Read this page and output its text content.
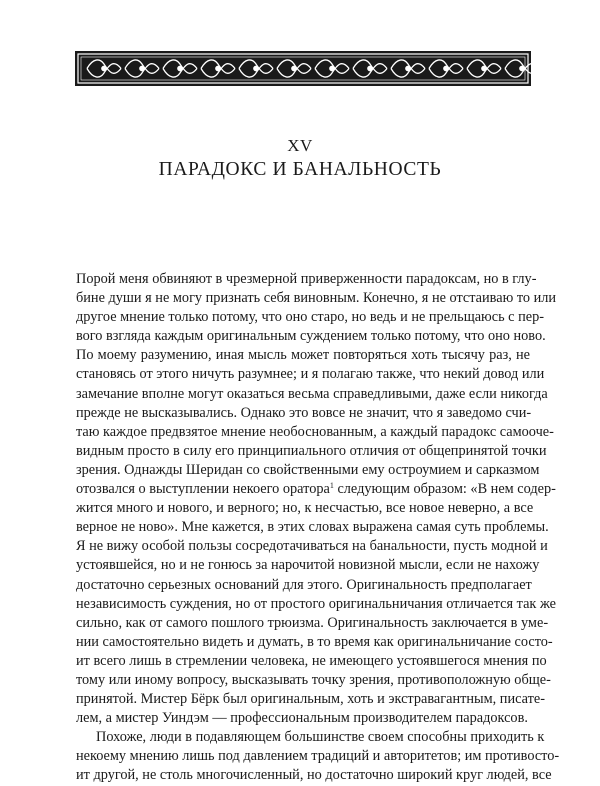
XV
ПАРАДОКС И БАНАЛЬНОСТЬ
Порой меня обвиняют в чрезмерной приверженности парадоксам, но в глу-
бине души я не могу признать себя виновным. Конечно, я не отстаиваю то или
другое мнение только потому, что оно старо, но ведь и не прельщаюсь с пер-
вого взгляда каждым оригинальным суждением только потому, что оно ново.
По моему разумению, иная мысль может повторяться хоть тысячу раз, не
становясь от этого ничуть разумнее; и я полагаю также, что некий довод или
замечание вполне могут оказаться весьма справедливыми, даже если никогда
прежде не высказывались. Однако это вовсе не значит, что я заведомо счи-
таю каждое предвзятое мнение необоснованным, а каждый парадокс самооче-
видным просто в силу его принципиального отличия от общепринятой точки
зрения. Однажды Шеридан со свойственными ему остроумием и сарказмом
отозвался о выступлении некоего оратора$^1$ следующим образом: «В нем содер-
жится много и нового, и верного; но, к несчастью, все новое неверно, а все
верное не ново». Мне кажется, в этих словах выражена самая суть проблемы.
Я не вижу особой пользы сосредотачиваться на банальности, пусть модной и
устоявшейся, но и не гонюсь за нарочитой новизной мысли, если не нахожу
достаточно серьезных оснований для этого. Оригинальность предполагает
независимость суждения, но от простого оригинальничания отличается так же
сильно, как от самого пошлого трюизма. Оригинальность заключается в уме-
нии самостоятельно видеть и думать, в то время как оригинальничание состо-
ит всего лишь в стремлении человека, не имеющего устоявшегося мнения по
тому или иному вопросу, высказывать точку зрения, противоположную обще-
принятой. Мистер Бёрк был оригинальным, хоть и экстравагантным, писате-
лем, а мистер Уиндэм — профессиональным производителем парадоксов.
Похоже, люди в подавляющем большинстве своем способны приходить к
некоему мнению лишь под давлением традиций и авторитетов; им противосто-
ит другой, не столь многочисленный, но достаточно широкий круг людей, все
